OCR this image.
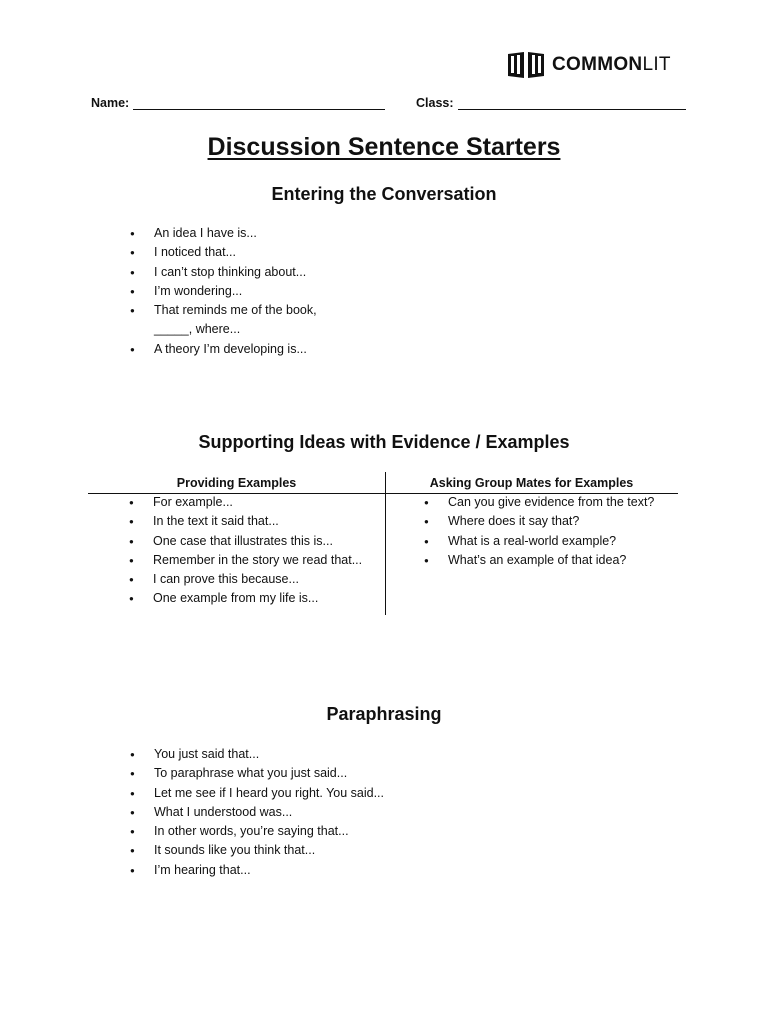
COMMONLIT
Name:	Class:
Discussion Sentence Starters
Entering the Conversation
● An idea I have is...
● I noticed that...
● I can’t stop thinking about...
● I’m wondering...
● That reminds me of the book, _____, where...
● A theory I’m developing is...
Supporting Ideas with Evidence / Examples
Providing Examples	Asking Group Mates for Examples
● For example...
● In the text it said that...
● One case that illustrates this is...
● Remember in the story we read that...
● I can prove this because...
● One example from my life is...
● Can you give evidence from the text?
● Where does it say that?
● What is a real-world example?
● What’s an example of that idea?
Paraphrasing
● You just said that...
● To paraphrase what you just said...
● Let me see if I heard you right. You said...
● What I understood was...
● In other words, you’re saying that...
● It sounds like you think that...
● I’m hearing that...
